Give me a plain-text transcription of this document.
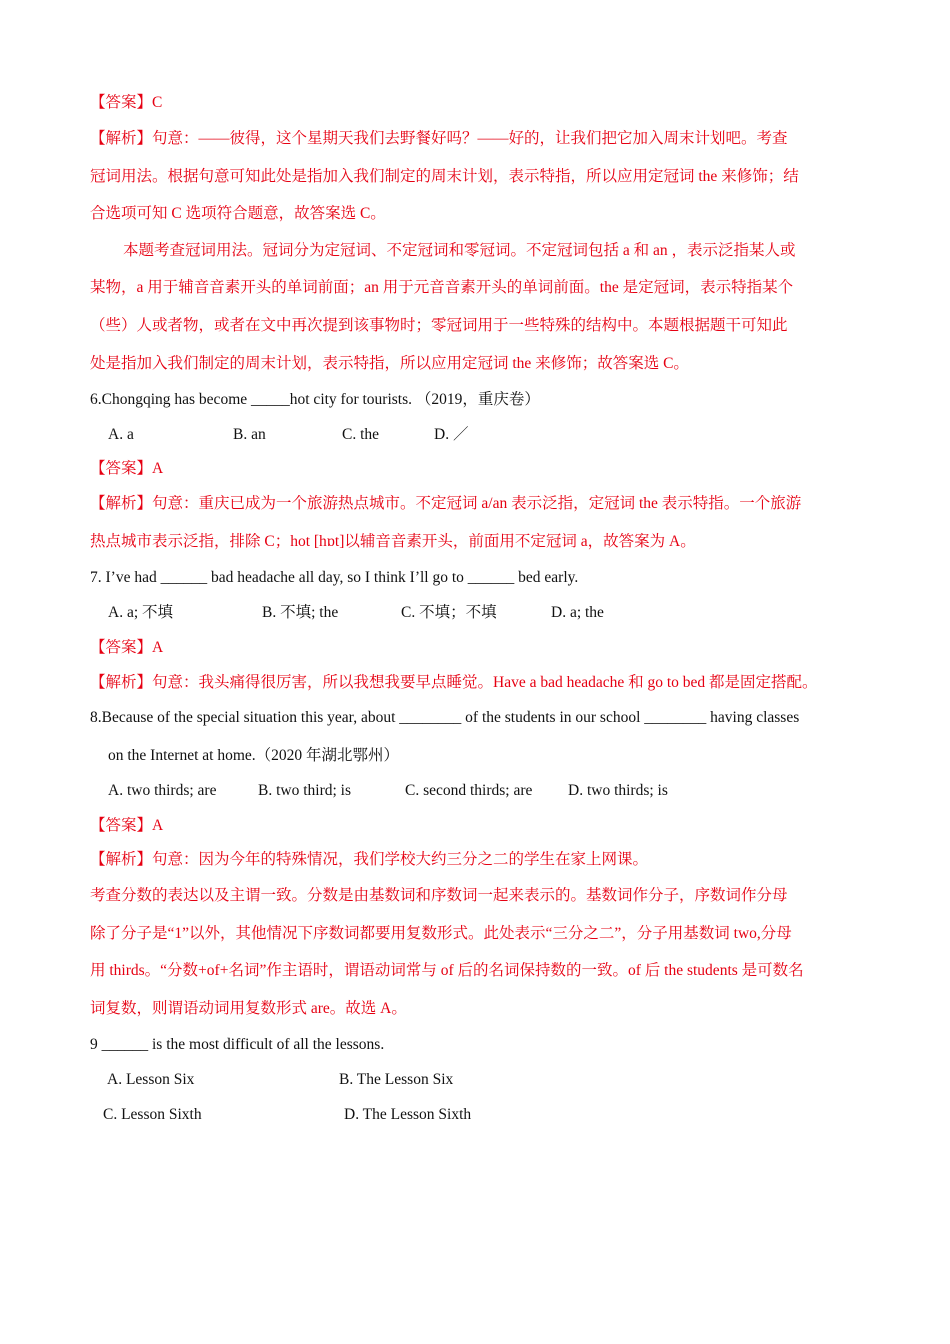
【答案】C
【解析】句意：——彼得，这个星期天我们去野餐好吗？——好的，让我们把它加入周末计划吧。考查
冠词用法。根据句意可知此处是指加入我们制定的周末计划，表示特指，所以应用定冠词 the 来修饰；结
合选项可知 C 选项符合题意，故答案选 C。
本题考查冠词用法。冠词分为定冠词、不定冠词和零冠词。不定冠词包括 a 和 an ，表示泛指某人或
某物，a 用于辅音音素开头的单词前面；an 用于元音音素开头的单词前面。the 是定冠词，表示特指某个
（些）人或者物，或者在文中再次提到该事物时；零冠词用于一些特殊的结构中。本题根据题干可知此
处是指加入我们制定的周末计划，表示特指，所以应用定冠词 the 来修饰；故答案选 C。
6.Chongqing has become _____hot city for tourists. （2019，重庆卷）
A. a	B. an	C. the	D. ／
【答案】A
【解析】句意：重庆已成为一个旅游热点城市。不定冠词 a/an 表示泛指，定冠词 the 表示特指。一个旅游
热点城市表示泛指，排除 C；hot [hɒt]以辅音音素开头，前面用不定冠词 a，故答案为 A。
7. I’ve had ______ bad headache all day, so I think I’ll go to ______ bed early.
A. a; 不填	B. 不填; the	C. 不填；不填	D. a; the
【答案】A
【解析】句意：我头痛得很厉害，所以我想我要早点睡觉。Have a bad headache 和 go to bed 都是固定搭配。
8.Because of the special situation this year, about ________ of the students in our school ________ having classes
on the Internet at home.（2020 年湖北鄂州）
A. two thirds; are	B. two third; is	C. second thirds; are D. two thirds; is
【答案】A
【解析】句意：因为今年的特殊情况，我们学校大约三分之二的学生在家上网课。
考查分数的表达以及主谓一致。分数是由基数词和序数词一起来表示的。基数词作分子，序数词作分母
除了分子是“1”以外，其他情况下序数词都要用复数形式。此处表示“三分之二”，分子用基数词 two,分母
用 thirds。“分数+of+名词”作主语时，谓语动词常与 of 后的名词保持数的一致。of 后 the students 是可数名
词复数，则谓语动词用复数形式 are。故选 A。
9 ______ is the most difficult of all the lessons.
A. Lesson Six	B. The Lesson Six
C. Lesson Sixth	D. The Lesson Sixth
